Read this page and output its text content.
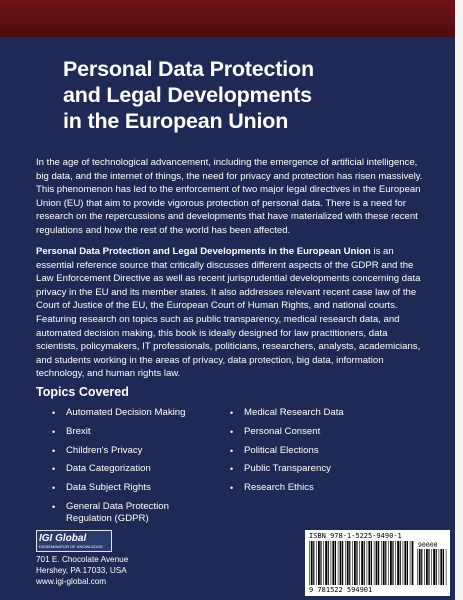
Personal Data Protection
and Legal Developments
in the European Union
In the age of technological advancement, including the emergence of artificial intelligence, big data, and the internet of things, the need for privacy and protection has risen massively. This phenomenon has led to the enforcement of two major legal directives in the European Union (EU) that aim to provide vigorous protection of personal data. There is a need for research on the repercussions and developments that have materialized with these recent regulations and how the rest of the world has been affected.
Personal Data Protection and Legal Developments in the European Union is an essential reference source that critically discusses different aspects of the GDPR and the Law Enforcement Directive as well as recent jurisprudential developments concerning data privacy in the EU and its member states. It also addresses relevant recent case law of the Court of Justice of the EU, the European Court of Human Rights, and national courts. Featuring research on topics such as public transparency, medical research data, and automated decision making, this book is ideally designed for law practitioners, data scientists, policymakers, IT professionals, politicians, researchers, analysts, academicians, and students working in the areas of privacy, data protection, big data, information technology, and human rights law.
Topics Covered
• Automated Decision Making
• Brexit
• Children's Privacy
• Data Categorization
• Data Subject Rights
• General Data Protection Regulation (GDPR)
• Medical Research Data
• Personal Consent
• Political Elections
• Public Transparency
• Research Ethics
IGI Global
DISSEMINATOR OF KNOWLEDGE
701 E. Chocolate Avenue
Hershey, PA 17033, USA
www.igi-global.com
ISBN 978-1-5225-9490-1
90000
9 781522 594901
